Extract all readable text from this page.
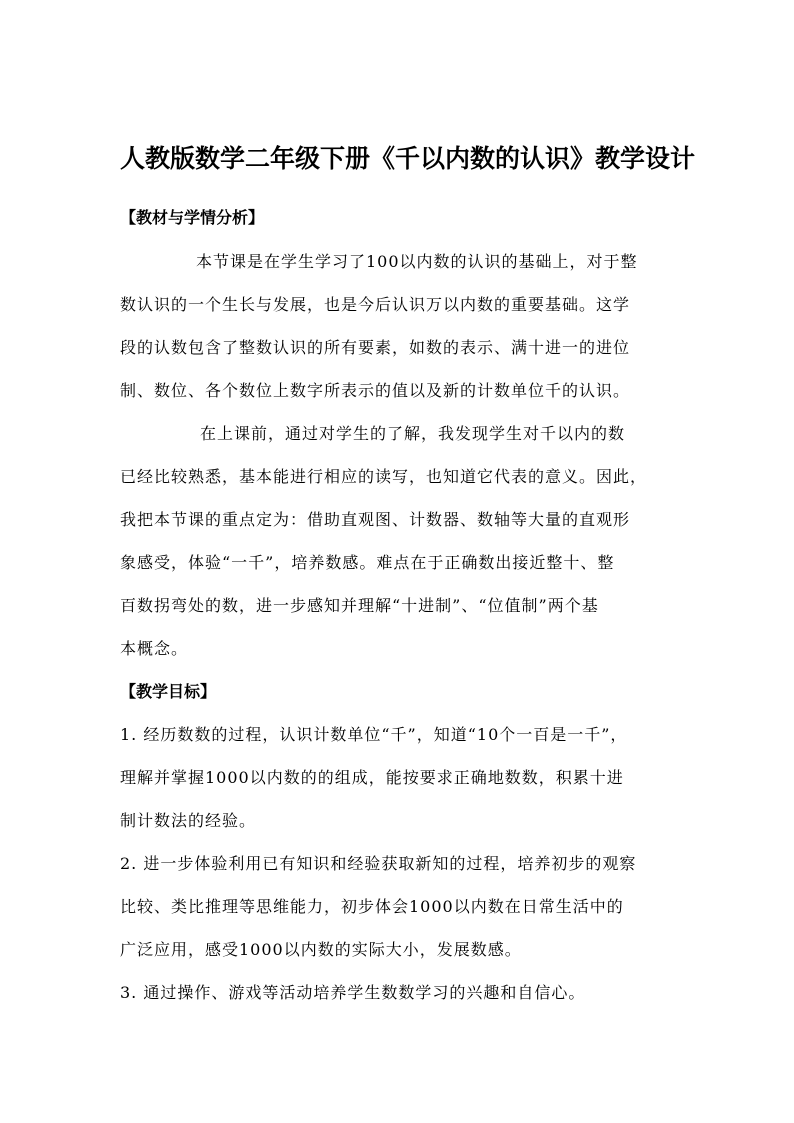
人教版数学二年级下册《千以内数的认识》教学设计
【教材与学情分析】
本节课是在学生学习了100以内数的认识的基础上，对于整
数认识的一个生长与发展，也是今后认识万以内数的重要基础。这学
段的认数包含了整数认识的所有要素，如数的表示、满十进一的进位
制、数位、各个数位上数字所表示的值以及新的计数单位千的认识。
在上课前，通过对学生的了解，我发现学生对千以内的数
已经比较熟悉，基本能进行相应的读写，也知道它代表的意义。因此，
我把本节课的重点定为：借助直观图、计数器、数轴等大量的直观形
象感受，体验“一千”，培养数感。难点在于正确数出接近整十、整
百数拐弯处的数，进一步感知并理解“十进制”、“位值制”两个基
本概念。
【教学目标】
1. 经历数数的过程，认识计数单位“千”，知道“10个一百是一千”，
理解并掌握1000以内数的的组成，能按要求正确地数数，积累十进
制计数法的经验。
2. 进一步体验利用已有知识和经验获取新知的过程，培养初步的观察
比较、类比推理等思维能力，初步体会1000以内数在日常生活中的
广泛应用，感受1000以内数的实际大小，发展数感。
3. 通过操作、游戏等活动培养学生数数学习的兴趣和自信心。
